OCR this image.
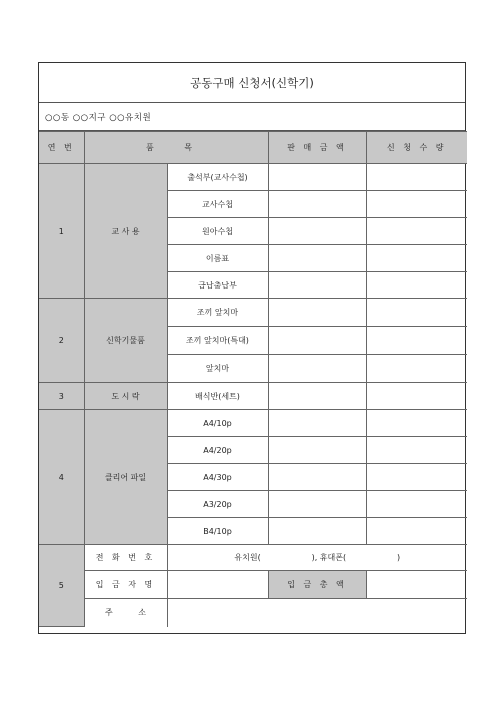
공동구매 신청서(신학기)
○○동 ○○지구 ○○유치원
연 번	품 목		판 매 금 액	신 청 수 량
1	교 사 용	출석부(교사수첩)		
		교사수첩		
		원아수첩		
		이름표		
		급납출납부		
2	신학기물품	조끼 앞치마		
		조끼 앞치마(특대)		
		앞치마		
3	도 시 락	배식반(세트)		
4	클리어 파일	A4/10p		
		A4/20p		
		A4/30p		
		A3/20p		
		B4/10p		
5	전 화 번 호	유치원(                    ), 휴대폰(                    )		
	입 금 자 명		입 금 총 액	
	주          소			
